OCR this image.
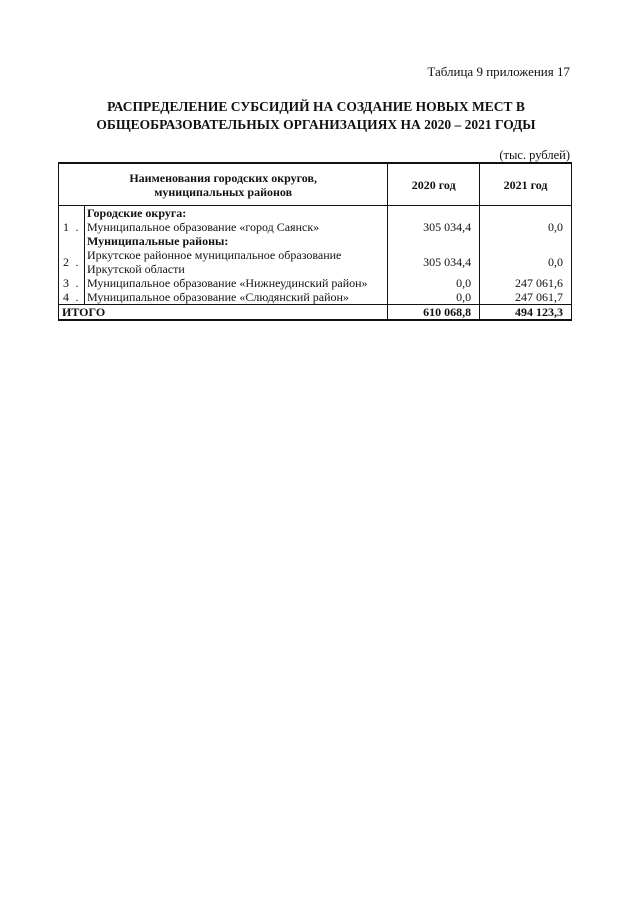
Таблица 9 приложения 17
РАСПРЕДЕЛЕНИЕ СУБСИДИЙ НА СОЗДАНИЕ НОВЫХ МЕСТ В
ОБЩЕОБРАЗОВАТЕЛЬНЫХ ОРГАНИЗАЦИЯХ НА 2020 – 2021 ГОДЫ
(тыс. рублей)
Наименования городских округов,
муниципальных районов			2020 год	2021 год
		Городские округа:		
1	.	Муниципальное образование «город Саянск»	305 034,4	0,0
		Муниципальные районы:		
2	.	Иркутское районное муниципальное образование
Иркутской области	305 034,4	0,0
3	.	Муниципальное образование «Нижнеудинский район»	0,0	247 061,6
4	.	Муниципальное образование «Слюдянский район»	0,0	247 061,7
ИТОГО			610 068,8	494 123,3
